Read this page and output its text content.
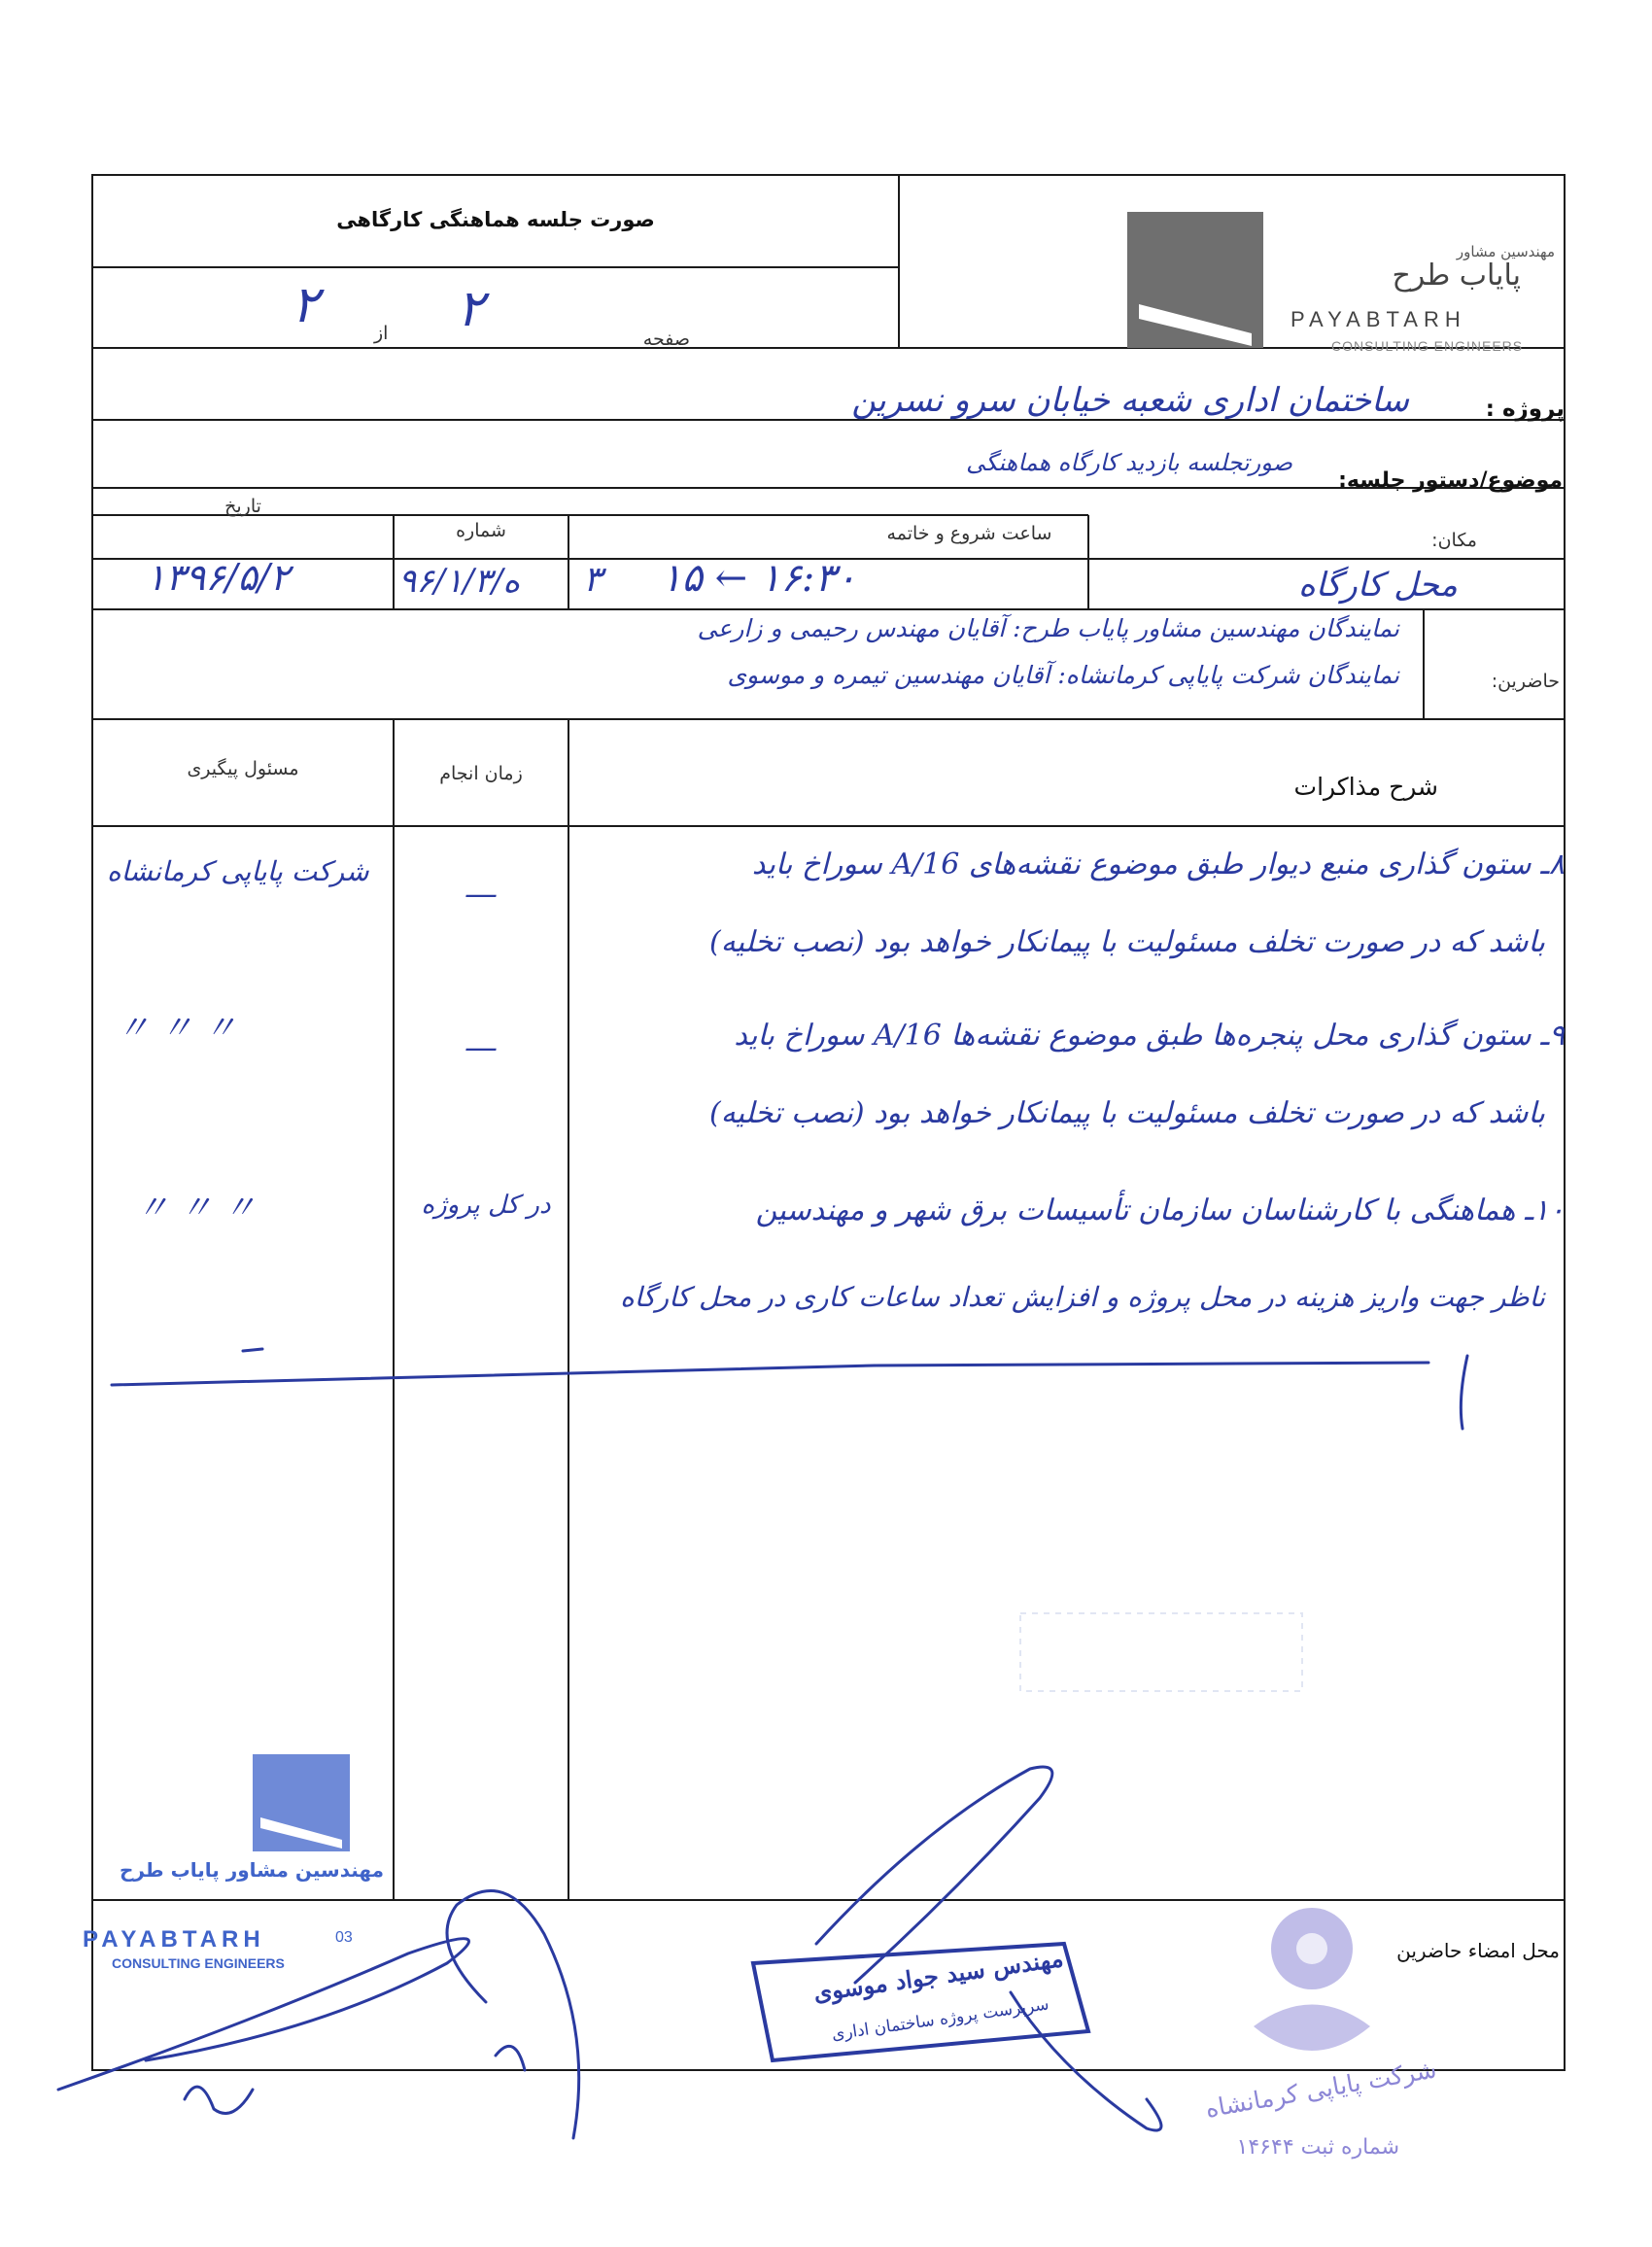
مهندسین مشاور
پایاب طرح
PAYABTARH
CONSULTING ENGINEERS
صورت جلسه هماهنگی کارگاهی
صفحه
۲
از
۲
پروژه :
ساختمان اداری شعبه خیابان سرو نسرین
موضوع/دستور جلسه:
صورتجلسه بازدید کارگاه هماهنگی
ساعت شروع و خاتمه
شماره
تاریخ
مکان:
محل کارگاه
۱۵ ← ۱۶:۳۰
۳
۹۶/۱/ه/۳
۱۳۹۶/۵/۲
حاضرین:
نمایندگان مهندسین مشاور پایاب طرح: آقایان مهندس رحیمی و زارعی
نمایندگان شرکت پایاپی کرمانشاه: آقایان مهندسین تیمره و موسوی
شرح مذاکرات
زمان انجام
مسئول پیگیری
۸ـ ستون گذاری منبع دیوار طبق موضوع نقشه‌های A/16 سوراخ باید
باشد که در صورت تخلف مسئولیت با پیمانکار خواهد بود (نصب تخلیه)
—
شرکت پایاپی کرمانشاه
۹ـ ستون گذاری محل پنجره‌ها طبق موضوع نقشه‌ها A/16 سوراخ باید
باشد که در صورت تخلف مسئولیت با پیمانکار خواهد بود (نصب تخلیه)
—
〃 〃 〃
۱۰ـ هماهنگی با کارشناسان سازمان تأسیسات برق شهر و مهندسین
ناظر جهت واریز هزینه در محل پروژه و افزایش تعداد ساعات کاری در محل کارگاه
در کل پروژه
〃 〃 〃
محل امضاء حاضرین
مهندسین مشاور پایاب طرح
PAYABTARH	03
CONSULTING ENGINEERS	مهندس سید جواد موسوی
سرپرست پروژه ساختمان اداری
شرکت پایاپی کرمانشاه
شماره ثبت ۱۴۶۴۴
